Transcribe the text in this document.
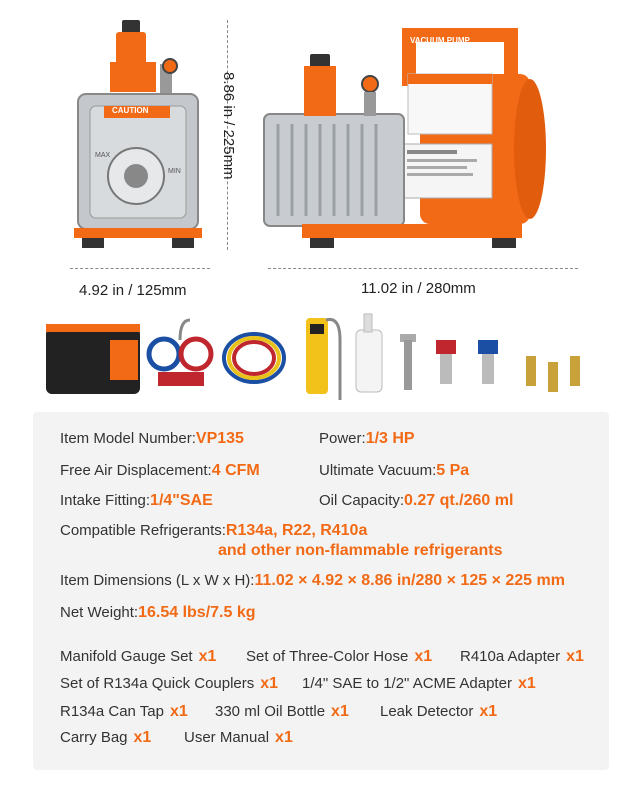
CAUTION
MAX
MIN	8.86 in / 225mm
VACUUM PUMP
4.92 in / 125mm	11.02 in / 280mm
Item Model Number:VP135	Power:1/3 HP
Free Air Displacement:4 CFM	Ultimate Vacuum:5 Pa
Intake Fitting:1/4"SAE	Oil Capacity:0.27 qt./260 ml
Compatible Refrigerants:R134a, R22, R410a
and other non-flammable refrigerants
Item Dimensions (L x W x H):11.02 × 4.92 × 8.86 in/280 × 125 × 225 mm
Net Weight:16.54 lbs/7.5 kg
Manifold Gauge Set x1 Set of Three-Color Hose x1 R410a Adapter x1
Set of R134a Quick Couplers x1 1/4" SAE to 1/2" ACME Adapter x1
R134a Can Tap x1 330 ml Oil Bottle x1 Leak Detector x1
Carry Bag x1 User Manual x1
